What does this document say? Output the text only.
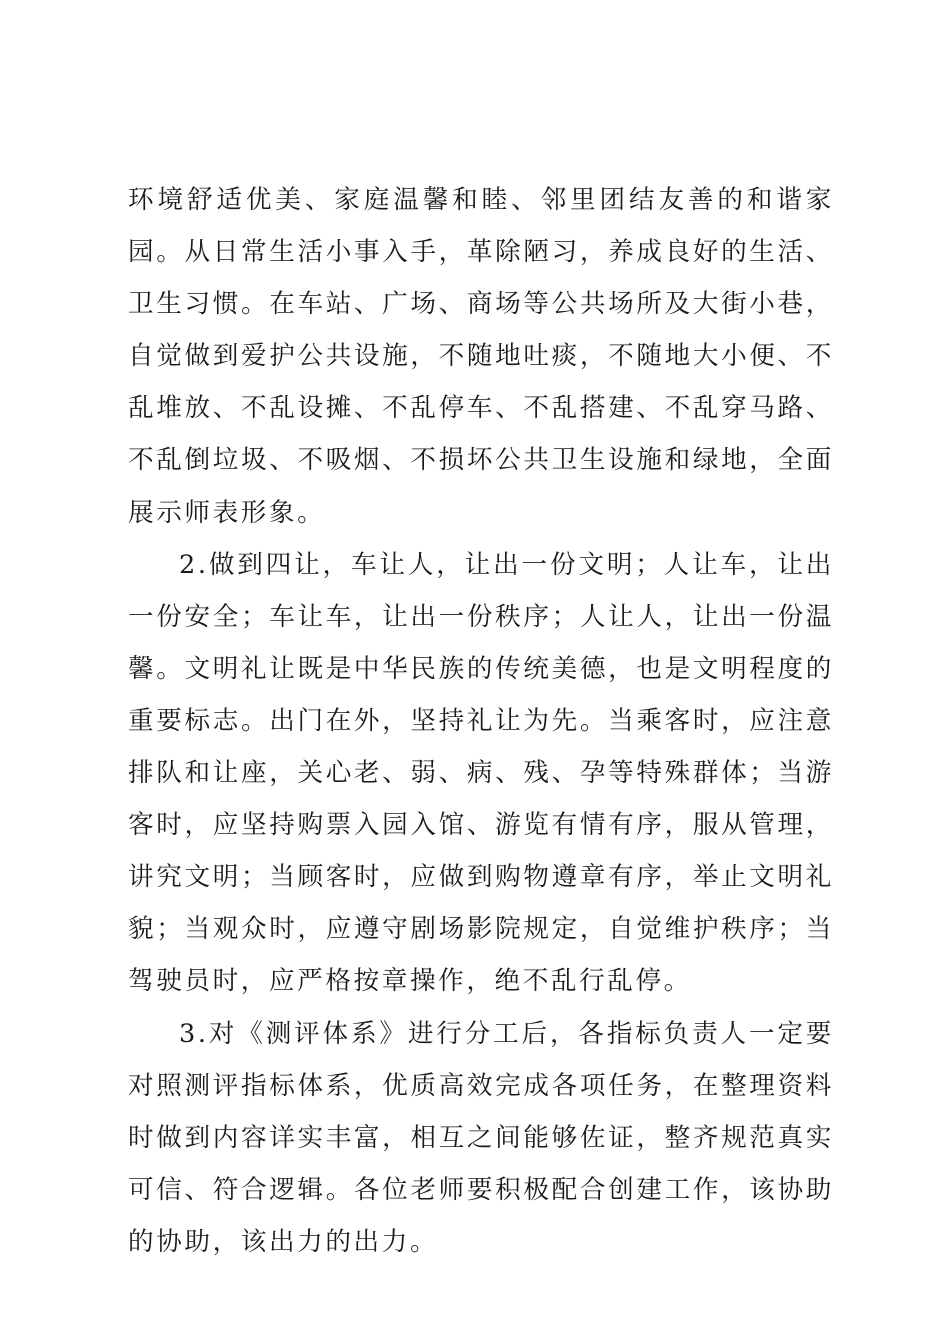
环境舒适优美、家庭温馨和睦、邻里团结友善的和谐家园。从日常生活小事入手，革除陋习，养成良好的生活、卫生习惯。在车站、广场、商场等公共场所及大街小巷，自觉做到爱护公共设施，不随地吐痰，不随地大小便、不乱堆放、不乱设摊、不乱停车、不乱搭建、不乱穿马路、不乱倒垃圾、不吸烟、不损坏公共卫生设施和绿地，全面展示师表形象。

2.做到四让，车让人，让出一份文明；人让车，让出一份安全；车让车，让出一份秩序；人让人，让出一份温馨。文明礼让既是中华民族的传统美德，也是文明程度的重要标志。出门在外，坚持礼让为先。当乘客时，应注意排队和让座，关心老、弱、病、残、孕等特殊群体；当游客时，应坚持购票入园入馆、游览有情有序，服从管理，讲究文明；当顾客时，应做到购物遵章有序，举止文明礼貌；当观众时，应遵守剧场影院规定，自觉维护秩序；当驾驶员时，应严格按章操作，绝不乱行乱停。

3.对《测评体系》进行分工后，各指标负责人一定要对照测评指标体系，优质高效完成各项任务，在整理资料时做到内容详实丰富，相互之间能够佐证，整齐规范真实可信、符合逻辑。各位老师要积极配合创建工作，该协助的协助，该出力的出力。
